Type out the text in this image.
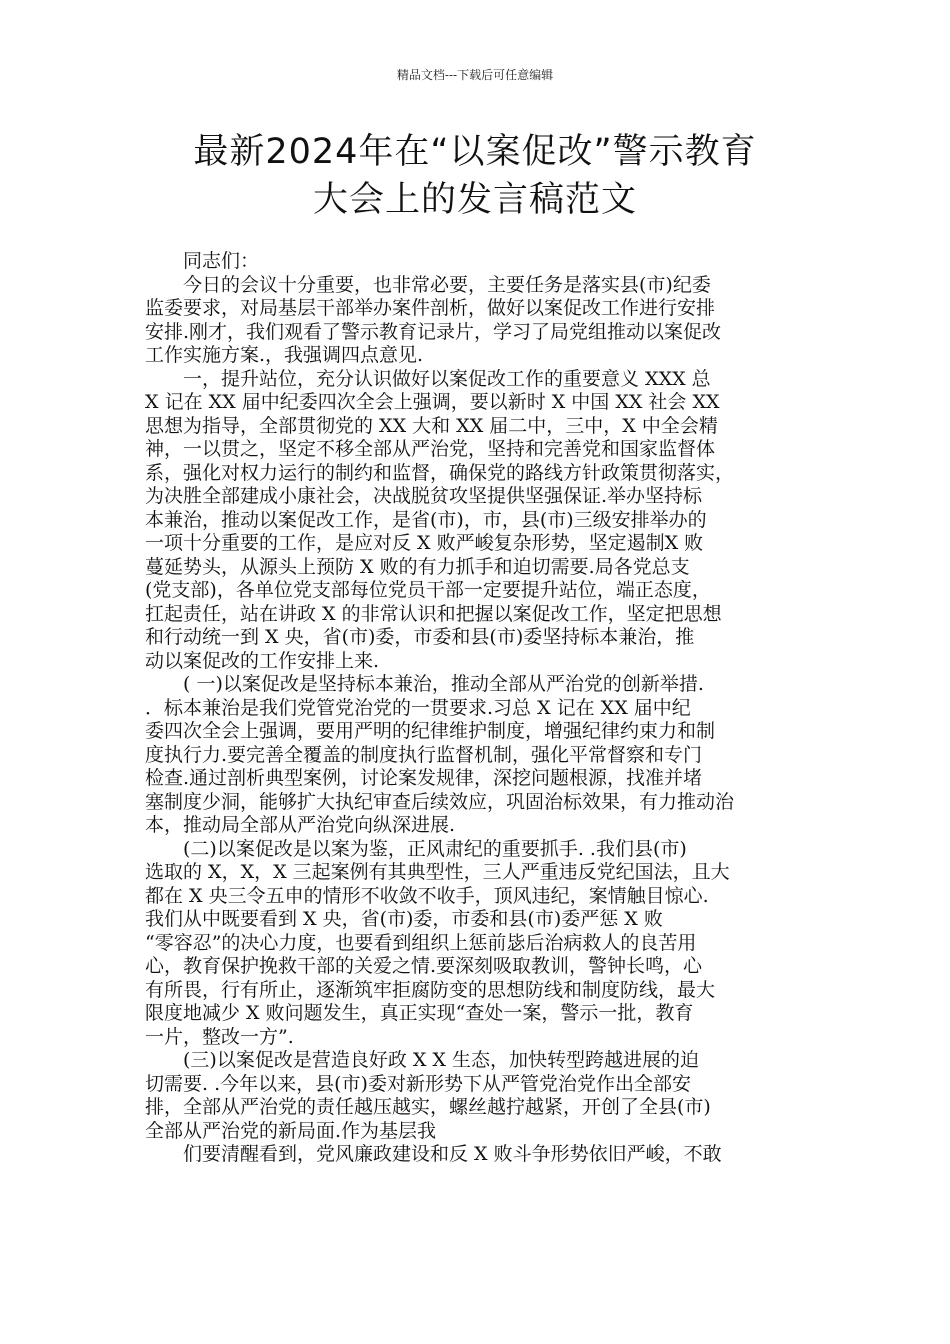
精品文档---下载后可任意编辑
最新2024年在“以案促改”警示教育
大会上的发言稿范文
　　同志们：
　　今日的会议十分重要，也非常必要，主要任务是落实县(市)纪委
监委要求，对局基层干部举办案件剖析，做好以案促改工作进行安排
安排.刚才，我们观看了警示教育记录片，学习了局党组推动以案促改
工作实施方案.，我强调四点意见.
　　一，提升站位，充分认识做好以案促改工作的重要意义 XXX 总
X 记在 XX 届中纪委四次全会上强调，要以新时 X 中国 XX 社会 XX
思想为指导，全部贯彻党的 XX 大和 XX 届二中，三中，X 中全会精
神，一以贯之，坚定不移全部从严治党，坚持和完善党和国家监督体
系，强化对权力运行的制约和监督，确保党的路线方针政策贯彻落实，
为决胜全部建成小康社会，决战脱贫攻坚提供坚强保证.举办坚持标
本兼治，推动以案促改工作，是省(市)，市，县(市)三级安排举办的
一项十分重要的工作，是应对反 X 败严峻复杂形势，坚定遏制X 败
蔓延势头，从源头上预防 X 败的有力抓手和迫切需要.局各党总支
(党支部)，各单位党支部每位党员干部一定要提升站位，端正态度，
扛起责任，站在讲政 X 的非常认识和把握以案促改工作，坚定把思想
和行动统一到 X 央，省(市)委，市委和县(市)委坚持标本兼治，推
动以案促改的工作安排上来.
　　( 一)以案促改是坚持标本兼治，推动全部从严治党的创新举措.
．标本兼治是我们党管党治党的一贯要求.习总 X 记在 XX 届中纪
委四次全会上强调，要用严明的纪律维护制度，增强纪律约束力和制
度执行力.要完善全覆盖的制度执行监督机制，强化平常督察和专门
检查.通过剖析典型案例，讨论案发规律，深挖问题根源，找准并堵
塞制度少洞，能够扩大执纪审查后续效应，巩固治标效果，有力推动治
本，推动局全部从严治党向纵深进展.
　　(二)以案促改是以案为鉴，正风肃纪的重要抓手. .我们县(市)
选取的 X，X，X 三起案例有其典型性，三人严重违反党纪国法，且大
都在 X 央三令五申的情形不收敛不收手，顶风违纪，案情触目惊心.
我们从中既要看到 X 央，省(市)委，市委和县(市)委严惩 X 败
“零容忍”的决心力度，也要看到组织上惩前毖后治病救人的良苦用
心，教育保护挽救干部的关爱之情.要深刻吸取教训，警钟长鸣，心
有所畏，行有所止，逐渐筑牢拒腐防变的思想防线和制度防线，最大
限度地减少 X 败问题发生，真正实现“查处一案，警示一批，教育
一片，整改一方”.
　　(三)以案促改是营造良好政 X X 生态，加快转型跨越进展的迫
切需要. .今年以来，县(市)委对新形势下从严管党治党作出全部安
排，全部从严治党的责任越压越实，螺丝越拧越紧，开创了全县(市)
全部从严治党的新局面.作为基层我
　　们要清醒看到，党风廉政建设和反 X 败斗争形势依旧严峻，不敢
